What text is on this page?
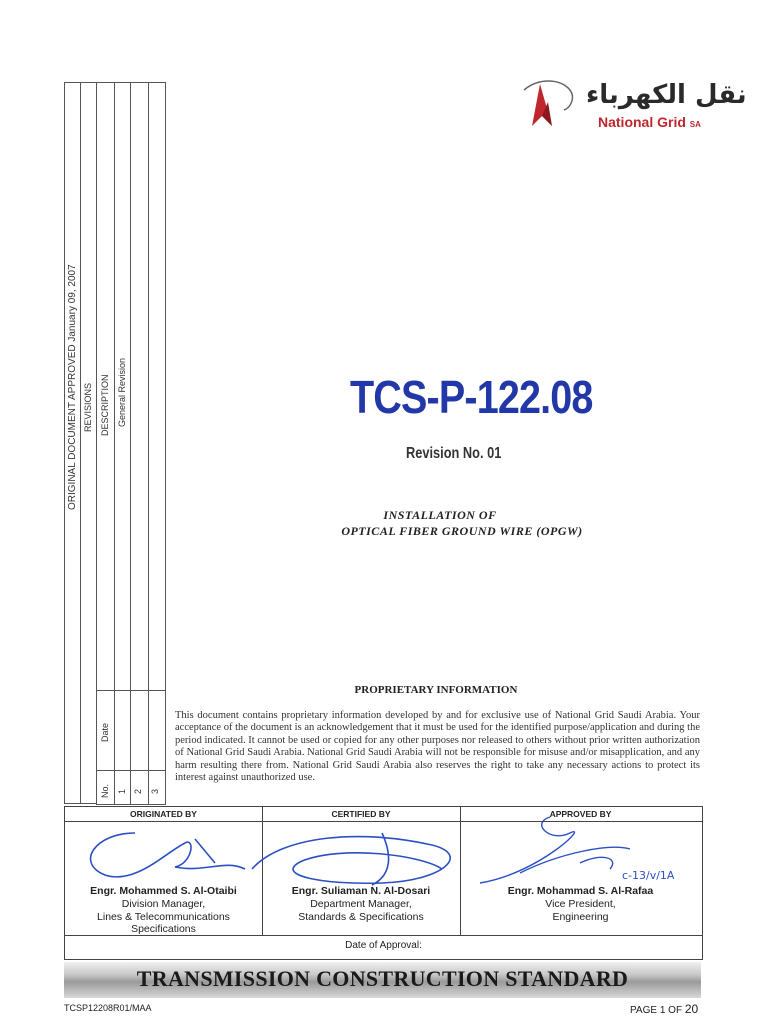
ORIGINAL DOCUMENT APPROVED January 09, 2007 REVISIONS DESCRIPTION General Revision
Date
No. 1 2 3
نقل الكهرباء
National Grid SA
TCS-P-122.08
Revision No. 01
INSTALLATION OF
OPTICAL FIBER GROUND WIRE (OPGW)
PROPRIETARY INFORMATION
This document contains proprietary information developed by and for exclusive use of National Grid Saudi Arabia. Your acceptance of the document is an acknowledgement that it must be used for the identified purpose/application and during the period indicated. It cannot be used or copied for any other purposes nor released to others without prior written authorization of National Grid Saudi Arabia. National Grid Saudi Arabia will not be responsible for misuse and/or misapplication, and any harm resulting there from. National Grid Saudi Arabia also reserves the right to take any necessary actions to protect its interest against unauthorized use.
ORIGINATED BY
Engr. Mohammed S. Al-Otaibi
Division Manager,
Lines & Telecommunications
Specifications
CERTIFIED BY
Engr. Suliaman N. Al-Dosari
Department Manager,
Standards & Specifications
APPROVED BY
c-13/v/1A
Engr. Mohammad S. Al-Rafaa
Vice President,
Engineering
Date of Approval:
TRANSMISSION CONSTRUCTION STANDARD
TCSP12208R01/MAA	PAGE 1 OF 20
